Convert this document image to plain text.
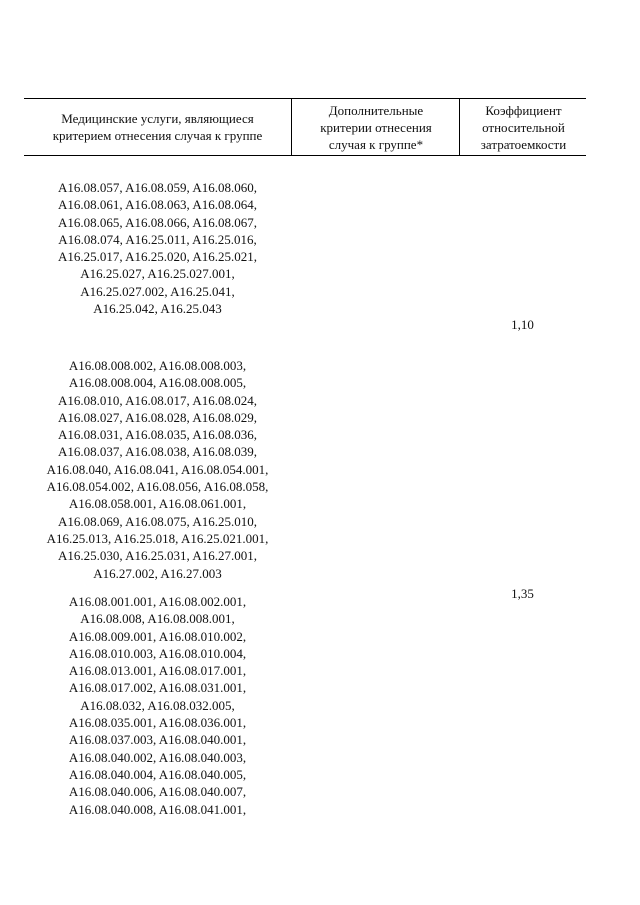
Медицинские услуги, являющиеся
критерием отнесения случая к группе
Дополнительные
критерии отнесения
случая к группе*
Коэффициент
относительной
затратоемкости
A16.08.057, A16.08.059, A16.08.060,
A16.08.061, A16.08.063, A16.08.064,
A16.08.065, A16.08.066, A16.08.067,
A16.08.074, A16.25.011, A16.25.016,
A16.25.017, A16.25.020, A16.25.021,
A16.25.027, A16.25.027.001,
A16.25.027.002, A16.25.041,
A16.25.042, A16.25.043
1,10
A16.08.008.002, A16.08.008.003,
A16.08.008.004, A16.08.008.005,
A16.08.010, A16.08.017, A16.08.024,
A16.08.027, A16.08.028, A16.08.029,
A16.08.031, A16.08.035, A16.08.036,
A16.08.037, A16.08.038, A16.08.039,
A16.08.040, A16.08.041, A16.08.054.001,
A16.08.054.002, A16.08.056, A16.08.058,
A16.08.058.001, A16.08.061.001,
A16.08.069, A16.08.075, A16.25.010,
A16.25.013, A16.25.018, A16.25.021.001,
A16.25.030, A16.25.031, A16.27.001,
A16.27.002, A16.27.003
1,35
A16.08.001.001, A16.08.002.001,
A16.08.008, A16.08.008.001,
A16.08.009.001, A16.08.010.002,
A16.08.010.003, A16.08.010.004,
A16.08.013.001, A16.08.017.001,
A16.08.017.002, A16.08.031.001,
A16.08.032, A16.08.032.005,
A16.08.035.001, A16.08.036.001,
A16.08.037.003, A16.08.040.001,
A16.08.040.002, A16.08.040.003,
A16.08.040.004, A16.08.040.005,
A16.08.040.006, A16.08.040.007,
A16.08.040.008, A16.08.041.001,
